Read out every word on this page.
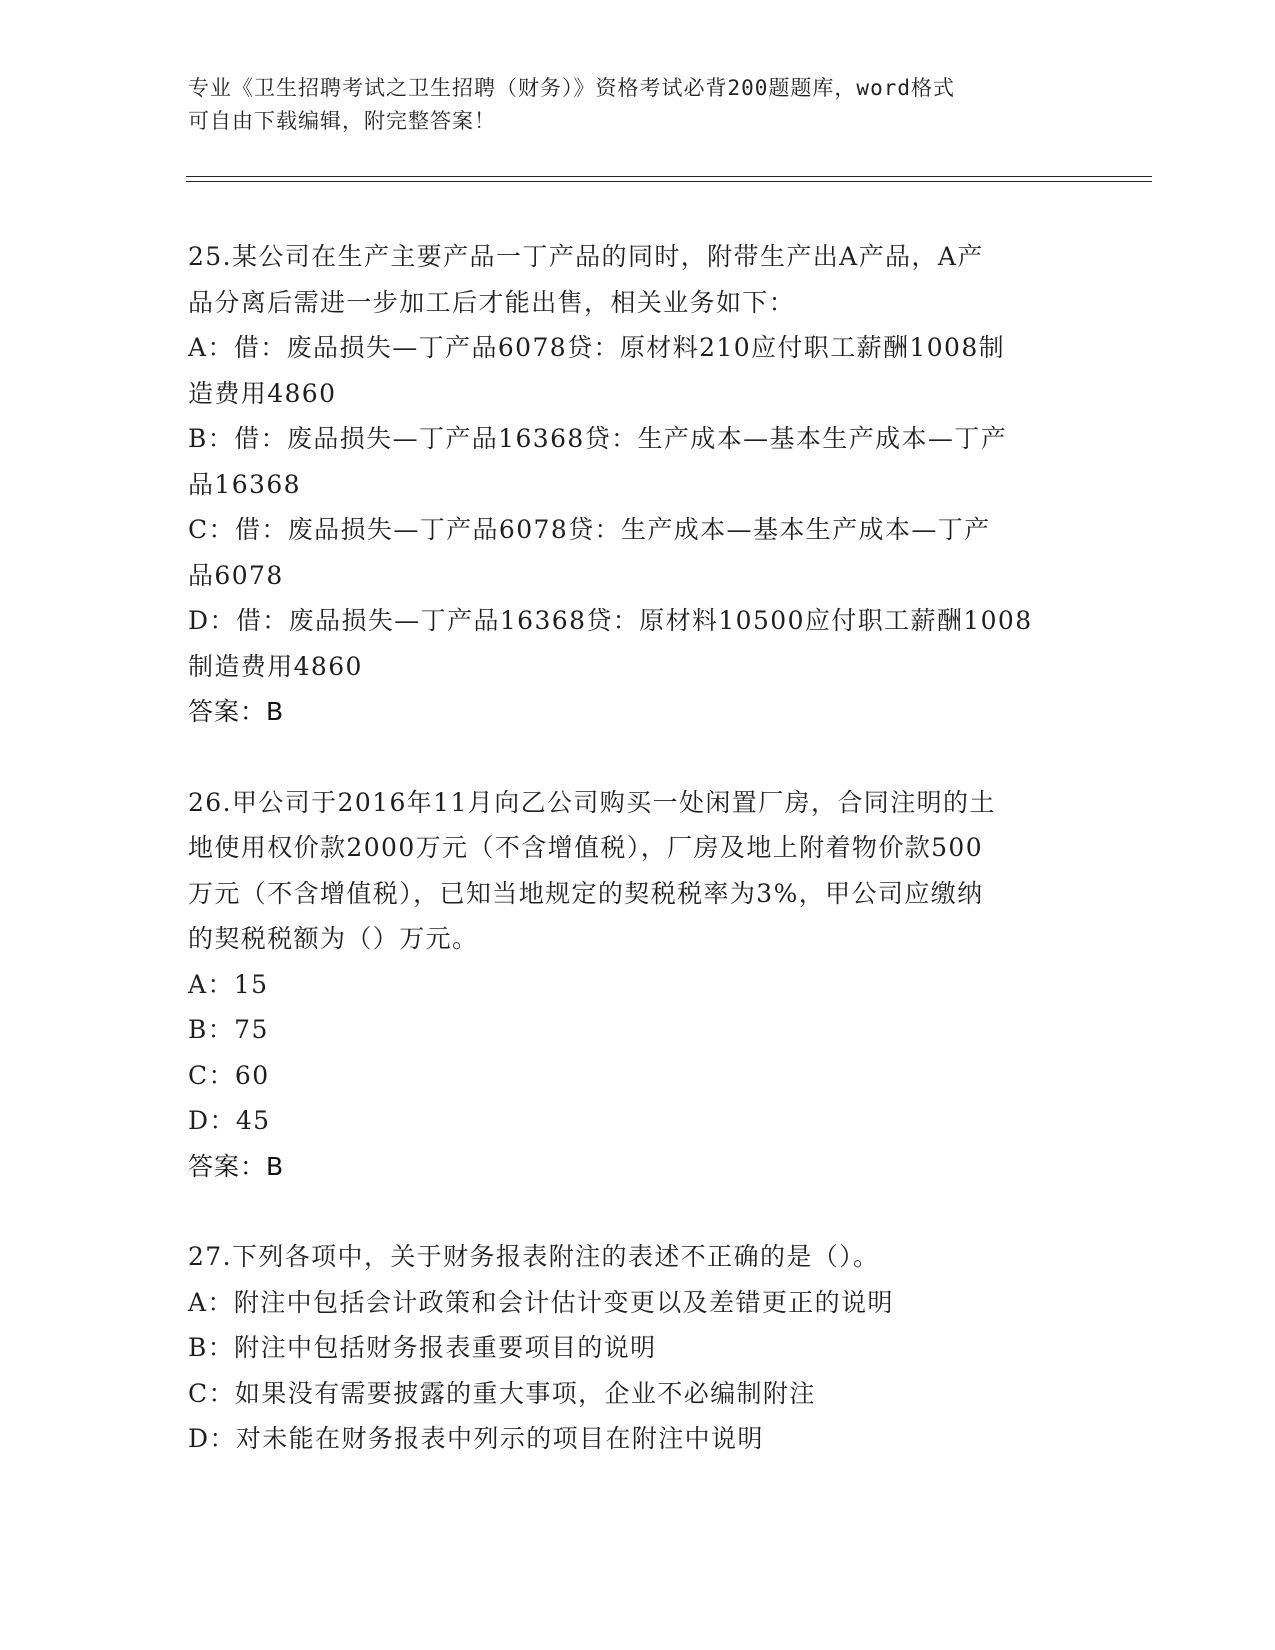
专业《卫生招聘考试之卫生招聘（财务）》资格考试必背200题题库，word格式
可自由下载编辑，附完整答案！
25.某公司在生产主要产品一丁产品的同时，附带生产出A产品，A产
品分离后需进一步加工后才能出售，相关业务如下：
A：借：废品损失—丁产品6078贷：原材料210应付职工薪酬1008制
造费用4860
B：借：废品损失—丁产品16368贷：生产成本—基本生产成本—丁产
品16368
C：借：废品损失—丁产品6078贷：生产成本—基本生产成本—丁产
品6078
D：借：废品损失—丁产品16368贷：原材料10500应付职工薪酬1008
制造费用4860
答案：B
26.甲公司于2016年11月向乙公司购买一处闲置厂房，合同注明的土
地使用权价款2000万元（不含增值税），厂房及地上附着物价款500
万元（不含增值税），已知当地规定的契税税率为3%，甲公司应缴纳
的契税税额为（）万元。
A：15
B：75
C：60
D：45
答案：B
27.下列各项中，关于财务报表附注的表述不正确的是（）。
A：附注中包括会计政策和会计估计变更以及差错更正的说明
B：附注中包括财务报表重要项目的说明
C：如果没有需要披露的重大事项，企业不必编制附注
D：对未能在财务报表中列示的项目在附注中说明
